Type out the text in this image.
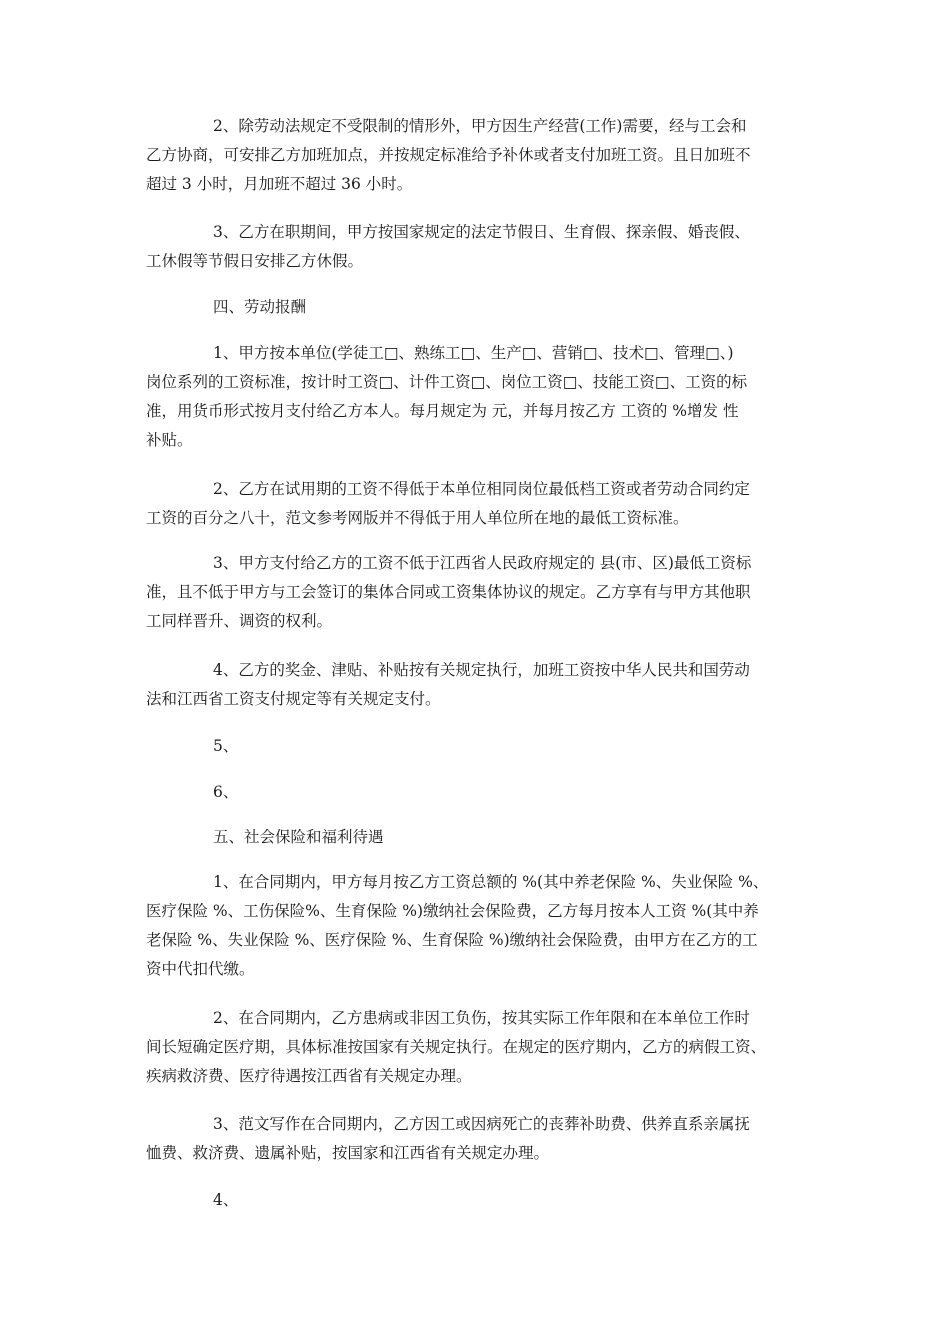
2、除劳动法规定不受限制的情形外，甲方因生产经营(工作)需要，经与工会和
乙方协商，可安排乙方加班加点，并按规定标准给予补休或者支付加班工资。且日加班不
超过 3 小时，月加班不超过 36 小时。
3、乙方在职期间，甲方按国家规定的法定节假日、生育假、探亲假、婚丧假、
工休假等节假日安排乙方休假。
四、劳动报酬
1、甲方按本单位(学徒工□、熟练工□、生产□、营销□、技术□、管理□、)
岗位系列的工资标准，按计时工资□、计件工资□、岗位工资□、技能工资□、工资的标
准，用货币形式按月支付给乙方本人。每月规定为 元，并每月按乙方 工资的 %增发 性
补贴。
2、乙方在试用期的工资不得低于本单位相同岗位最低档工资或者劳动合同约定
工资的百分之八十，范文参考网版并不得低于用人单位所在地的最低工资标准。
3、甲方支付给乙方的工资不低于江西省人民政府规定的 县(市、区)最低工资标
准，且不低于甲方与工会签订的集体合同或工资集体协议的规定。乙方享有与甲方其他职
工同样晋升、调资的权利。
4、乙方的奖金、津贴、补贴按有关规定执行，加班工资按中华人民共和国劳动
法和江西省工资支付规定等有关规定支付。
5、
6、
五、社会保险和福利待遇
1、在合同期内，甲方每月按乙方工资总额的 %(其中养老保险 %、失业保险 %、
医疗保险 %、工伤保险%、生育保险 %)缴纳社会保险费，乙方每月按本人工资 %(其中养
老保险 %、失业保险 %、医疗保险 %、生育保险 %)缴纳社会保险费，由甲方在乙方的工
资中代扣代缴。
2、在合同期内，乙方患病或非因工负伤，按其实际工作年限和在本单位工作时
间长短确定医疗期，具体标准按国家有关规定执行。在规定的医疗期内，乙方的病假工资、
疾病救济费、医疗待遇按江西省有关规定办理。
3、范文写作在合同期内，乙方因工或因病死亡的丧葬补助费、供养直系亲属抚
恤费、救济费、遗属补贴，按国家和江西省有关规定办理。
4、
